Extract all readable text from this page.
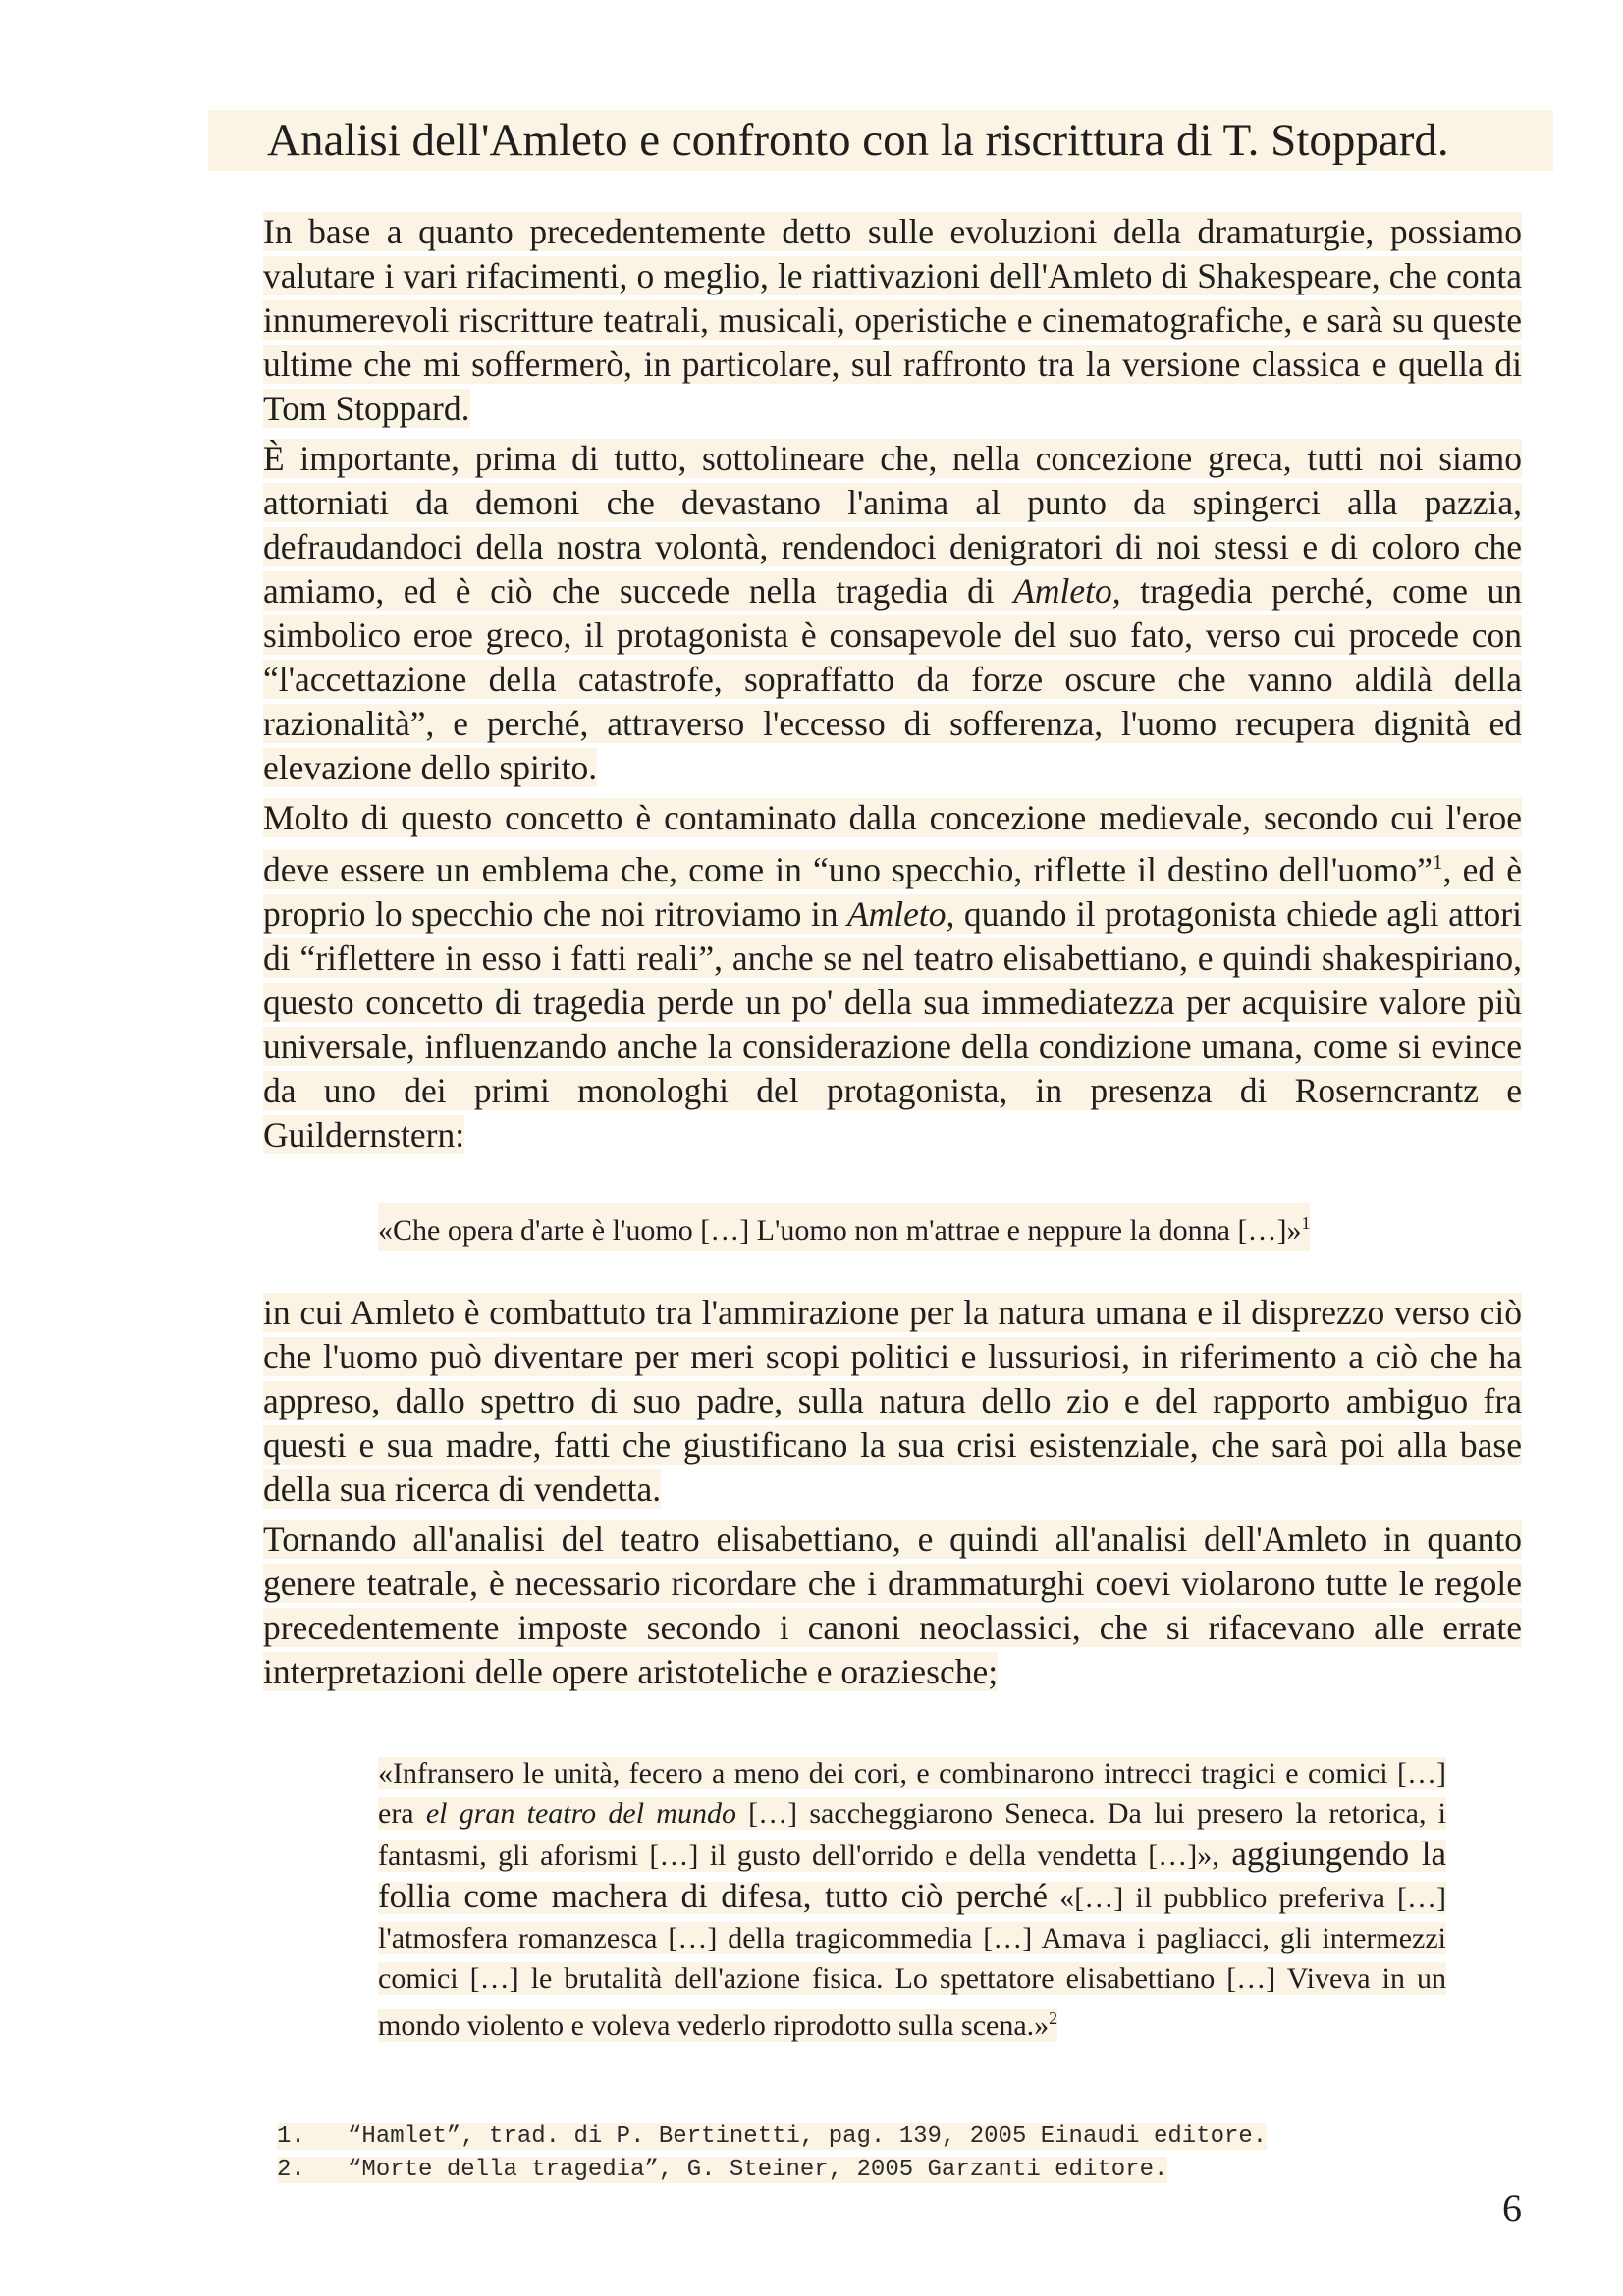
Analisi dell'Amleto e confronto con la riscrittura di T. Stoppard.

In base a quanto precedentemente detto sulle evoluzioni della dramaturgie, possiamo valutare i vari rifacimenti, o meglio, le riattivazioni dell'Amleto di Shakespeare, che conta innumerevoli riscritture teatrali, musicali, operistiche e cinematografiche, e sarà su queste ultime che mi soffermerò, in particolare, sul raffronto tra la versione classica e quella di Tom Stoppard.

È importante, prima di tutto, sottolineare che, nella concezione greca, tutti noi siamo attorniati da demoni che devastano l'anima al punto da spingerci alla pazzia, defraudandoci della nostra volontà, rendendoci denigratori di noi stessi e di coloro che amiamo, ed è ciò che succede nella tragedia di Amleto, tragedia perché, come un simbolico eroe greco, il protagonista è consapevole del suo fato, verso cui procede con “l'accettazione della catastrofe, sopraffatto da forze oscure che vanno aldilà della razionalità”, e perché, attraverso l'eccesso di sofferenza, l'uomo recupera dignità ed elevazione dello spirito.

Molto di questo concetto è contaminato dalla concezione medievale, secondo cui l'eroe deve essere un emblema che, come in “uno specchio, riflette il destino dell'uomo”$^1$, ed è proprio lo specchio che noi ritroviamo in Amleto, quando il protagonista chiede agli attori di “riflettere in esso i fatti reali”, anche se nel teatro elisabettiano, e quindi shakespiriano, questo concetto di tragedia perde un po' della sua immediatezza per acquisire valore più universale, influenzando anche la considerazione della condizione umana, come si evince da uno dei primi monologhi del protagonista, in presenza di Roserncrantz e Guildernstern:

«Che opera d'arte è l'uomo […] L'uomo non m'attrae e neppure la donna […]»$^1$

in cui Amleto è combattuto tra l'ammirazione per la natura umana e il disprezzo verso ciò che l'uomo può diventare per meri scopi politici e lussuriosi, in riferimento a ciò che ha appreso, dallo spettro di suo padre, sulla natura dello zio e del rapporto ambiguo fra questi e sua madre, fatti che giustificano la sua crisi esistenziale, che sarà poi alla base della sua ricerca di vendetta.

Tornando all'analisi del teatro elisabettiano, e quindi all'analisi dell'Amleto in quanto genere teatrale, è necessario ricordare che i drammaturghi coevi violarono tutte le regole precedentemente imposte secondo i canoni neoclassici, che si rifacevano alle errate interpretazioni delle opere aristoteliche e oraziesche;

«Infransero le unità, fecero a meno dei cori, e combinarono intrecci tragici e comici […] era el gran teatro del mundo […] saccheggiarono Seneca. Da lui presero la retorica, i fantasmi, gli aforismi […] il gusto dell'orrido e della vendetta […]», aggiungendo la follia come machera di difesa, tutto ciò perché «[…] il pubblico preferiva […] l'atmosfera romanzesca […] della tragicommedia […] Amava i pagliacci, gli intermezzi comici […] le brutalità dell'azione fisica. Lo spettatore elisabettiano […] Viveva in un mondo violento e voleva vederlo riprodotto sulla scena.»$^2$

1. “Hamlet”, trad. di P. Bertinetti, pag. 139, 2005 Einaudi editore.
2. “Morte della tragedia”, G. Steiner, 2005 Garzanti editore.
6
